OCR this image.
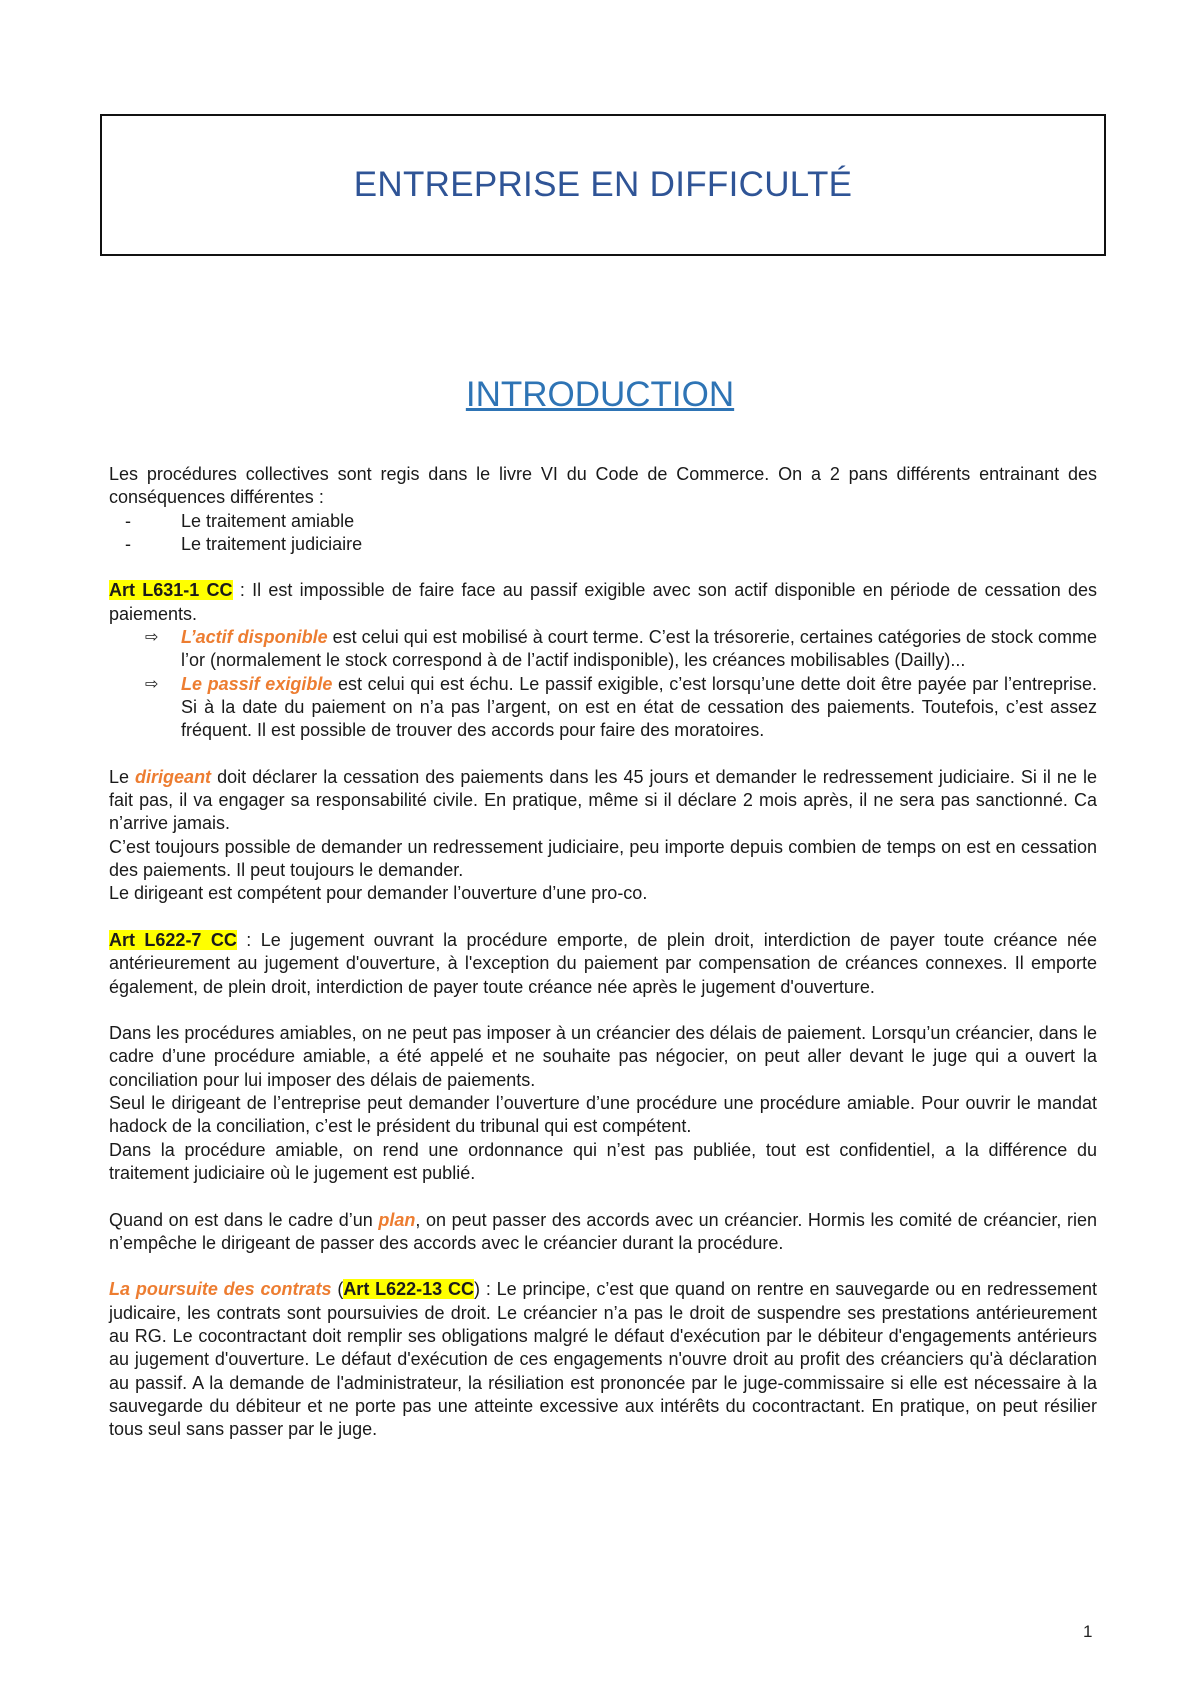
ENTREPRISE EN DIFFICULTÉ
INTRODUCTION

Les procédures collectives sont regis dans le livre VI du Code de Commerce. On a 2 pans différents entrainant des conséquences différentes :

-	Le traitement amiable
-	Le traitement judiciaire

Art L631-1 CC : Il est impossible de faire face au passif exigible avec son actif disponible en période de cessation des paiements.

⇨ L’actif disponible est celui qui est mobilisé à court terme. C’est la trésorerie, certaines catégories de stock comme l’or (normalement le stock correspond à de l’actif indisponible), les créances mobilisables (Dailly)...
⇨ Le passif exigible est celui qui est échu. Le passif exigible, c’est lorsqu’une dette doit être payée par l’entreprise. Si à la date du paiement on n’a pas l’argent, on est en état de cessation des paiements. Toutefois, c’est assez fréquent. Il est possible de trouver des accords pour faire des moratoires.

Le dirigeant doit déclarer la cessation des paiements dans les 45 jours et demander le redressement judiciaire. Si il ne le fait pas, il va engager sa responsabilité civile. En pratique, même si il déclare 2 mois après, il ne sera pas sanctionné. Ca n’arrive jamais.

C’est toujours possible de demander un redressement judiciaire, peu importe depuis combien de temps on est en cessation des paiements. Il peut toujours le demander.

Le dirigeant est compétent pour demander l’ouverture d’une pro-co.

Art L622-7 CC : Le jugement ouvrant la procédure emporte, de plein droit, interdiction de payer toute créance née antérieurement au jugement d'ouverture, à l'exception du paiement par compensation de créances connexes. Il emporte également, de plein droit, interdiction de payer toute créance née après le jugement d'ouverture.

Dans les procédures amiables, on ne peut pas imposer à un créancier des délais de paiement. Lorsqu’un créancier, dans le cadre d’une procédure amiable, a été appelé et ne souhaite pas négocier, on peut aller devant le juge qui a ouvert la conciliation pour lui imposer des délais de paiements.

Seul le dirigeant de l’entreprise peut demander l’ouverture d’une procédure une procédure amiable. Pour ouvrir le mandat hadock de la conciliation, c’est le président du tribunal qui est compétent.

Dans la procédure amiable, on rend une ordonnance qui n’est pas publiée, tout est confidentiel, a la différence du traitement judiciaire où le jugement est publié.

Quand on est dans le cadre d’un plan, on peut passer des accords avec un créancier. Hormis les comité de créancier, rien n’empêche le dirigeant de passer des accords avec le créancier durant la procédure.

La poursuite des contrats (Art L622-13 CC) : Le principe, c’est que quand on rentre en sauvegarde ou en redressement judicaire, les contrats sont poursuivies de droit. Le créancier n’a pas le droit de suspendre ses prestations antérieurement au RG. Le cocontractant doit remplir ses obligations malgré le défaut d'exécution par le débiteur d'engagements antérieurs au jugement d'ouverture. Le défaut d'exécution de ces engagements n'ouvre droit au profit des créanciers qu'à déclaration au passif. A la demande de l'administrateur, la résiliation est prononcée par le juge-commissaire si elle est nécessaire à la sauvegarde du débiteur et ne porte pas une atteinte excessive aux intérêts du cocontractant. En pratique, on peut résilier tous seul sans passer par le juge.

1
